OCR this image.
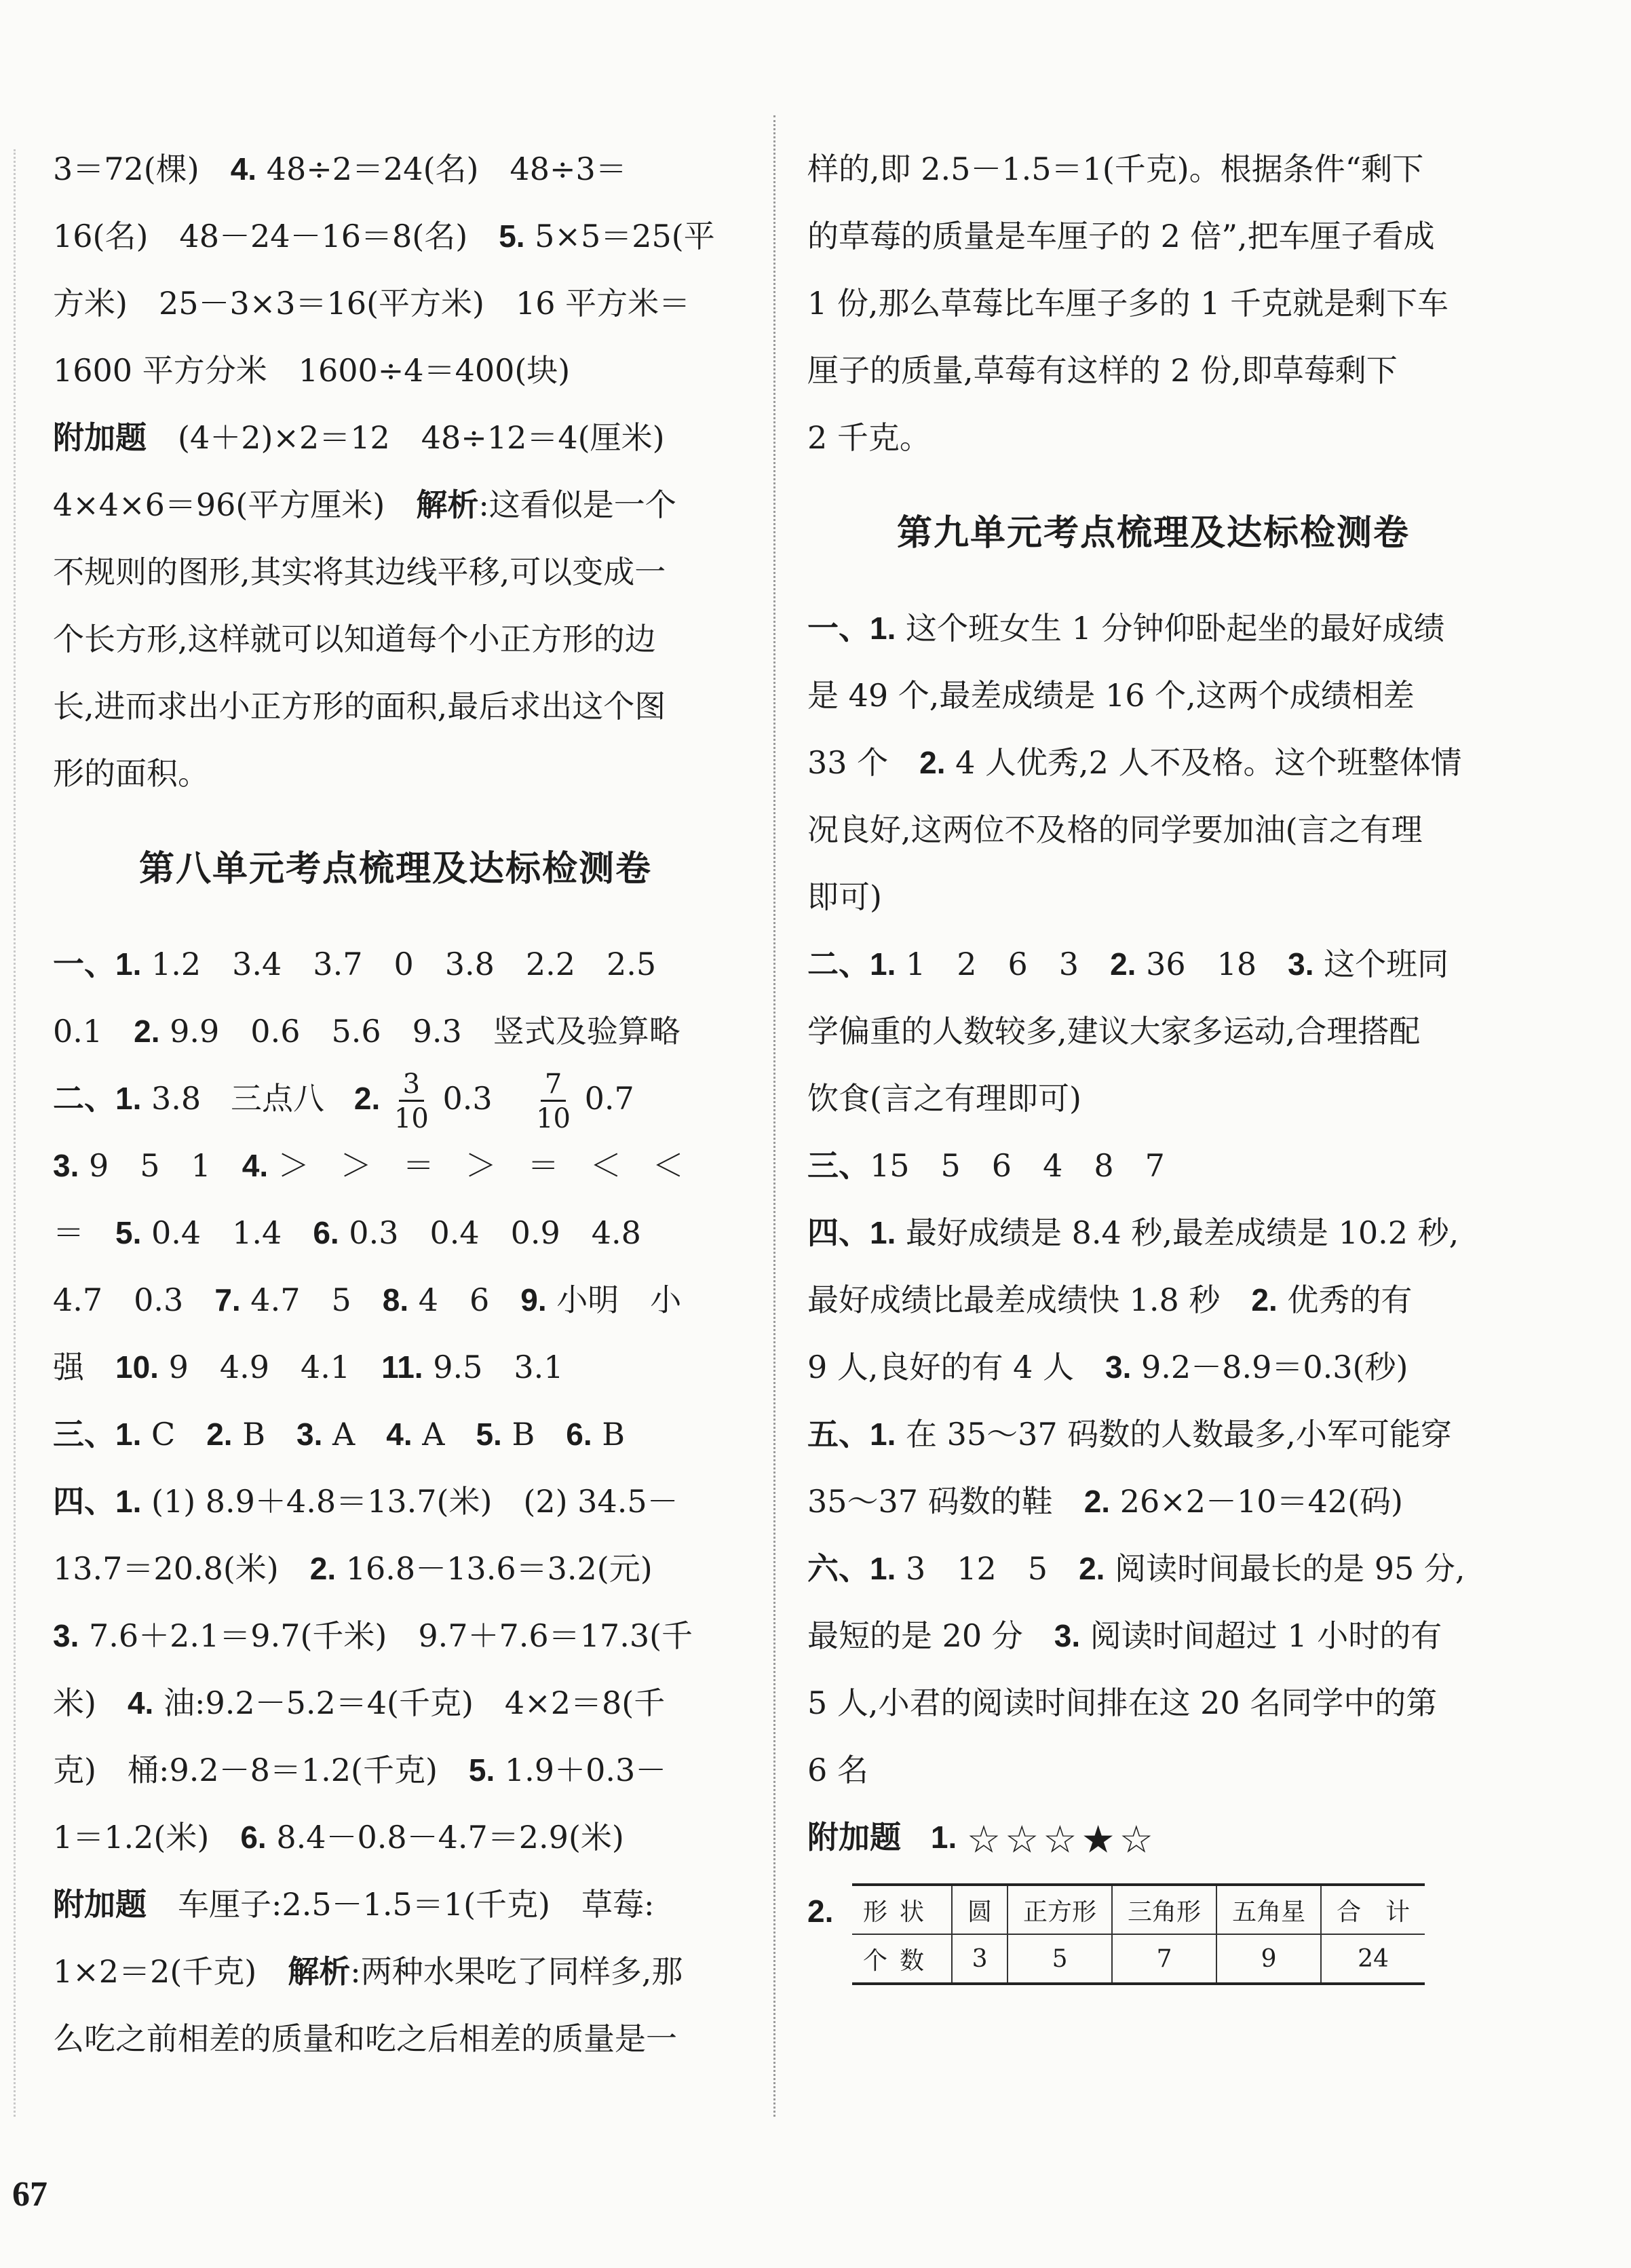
3＝72(棵)　4. 48÷2＝24(名)　48÷3＝
16(名)　48－24－16＝8(名)　5. 5×5＝25(平
方米)　25－3×3＝16(平方米)　16 平方米＝
1600 平方分米　1600÷4＝400(块)
附加题　(4＋2)×2＝12　48÷12＝4(厘米)
4×4×6＝96(平方厘米)　解析:这看似是一个
不规则的图形,其实将其边线平移,可以变成一
个长方形,这样就可以知道每个小正方形的边
长,进而求出小正方形的面积,最后求出这个图
形的面积。
第八单元考点梳理及达标检测卷
一、1. 1.2　3.4　3.7　0　3.8　2.2　2.5
0.1　2. 9.9　0.6　5.6　9.3　竖式及验算略
二、1. 3.8 三点八 2. $\frac{3}{10} 0.3 \frac{7}{10} 0.7$
3. 9　5　1　4. ＞　＞　＝　＞　＝　＜　＜
＝　5. 0.4　1.4　6. 0.3　0.4　0.9　4.8
4.7　0.3　7. 4.7　5　8. 4　6　9. 小明　小
强　10. 9　4.9　4.1　11. 9.5　3.1
三、1. C　2. B　3. A　4. A　5. B　6. B
四、1. (1) 8.9＋4.8＝13.7(米)　(2) 34.5－
13.7＝20.8(米)　2. 16.8－13.6＝3.2(元)
3. 7.6＋2.1＝9.7(千米)　9.7＋7.6＝17.3(千
米)　4. 油:9.2－5.2＝4(千克)　4×2＝8(千
克)　桶:9.2－8＝1.2(千克)　5. 1.9＋0.3－
1＝1.2(米)　6. 8.4－0.8－4.7＝2.9(米)
附加题　车厘子:2.5－1.5＝1(千克)　草莓:
1×2＝2(千克)　解析:两种水果吃了同样多,那
么吃之前相差的质量和吃之后相差的质量是一
样的,即 2.5－1.5＝1(千克)。根据条件“剩下
的草莓的质量是车厘子的 2 倍”,把车厘子看成
1 份,那么草莓比车厘子多的 1 千克就是剩下车
厘子的质量,草莓有这样的 2 份,即草莓剩下
2 千克。
第九单元考点梳理及达标检测卷
一、1. 这个班女生 1 分钟仰卧起坐的最好成绩
是 49 个,最差成绩是 16 个,这两个成绩相差
33 个　2. 4 人优秀,2 人不及格。这个班整体情
况良好,这两位不及格的同学要加油(言之有理
即可)
二、1. 1　2　6　3　2. 36　18　3. 这个班同
学偏重的人数较多,建议大家多运动,合理搭配
饮食(言之有理即可)
三、15　5　6　4　8　7
四、1. 最好成绩是 8.4 秒,最差成绩是 10.2 秒,
最好成绩比最差成绩快 1.8 秒　2. 优秀的有
9 人,良好的有 4 人　3. 9.2－8.9＝0.3(秒)
五、1. 在 35～37 码数的人数最多,小军可能穿
35～37 码数的鞋　2. 26×2－10＝42(码)
六、1. 3　12　5　2. 阅读时间最长的是 95 分,
最短的是 20 分　3. 阅读时间超过 1 小时的有
5 人,小君的阅读时间排在这 20 名同学中的第
6 名
附加题 1. ☆☆☆★☆
2.	形状	圆	正方形	三角形	五角星	合　计
个数	3	5	7	9	24
67
